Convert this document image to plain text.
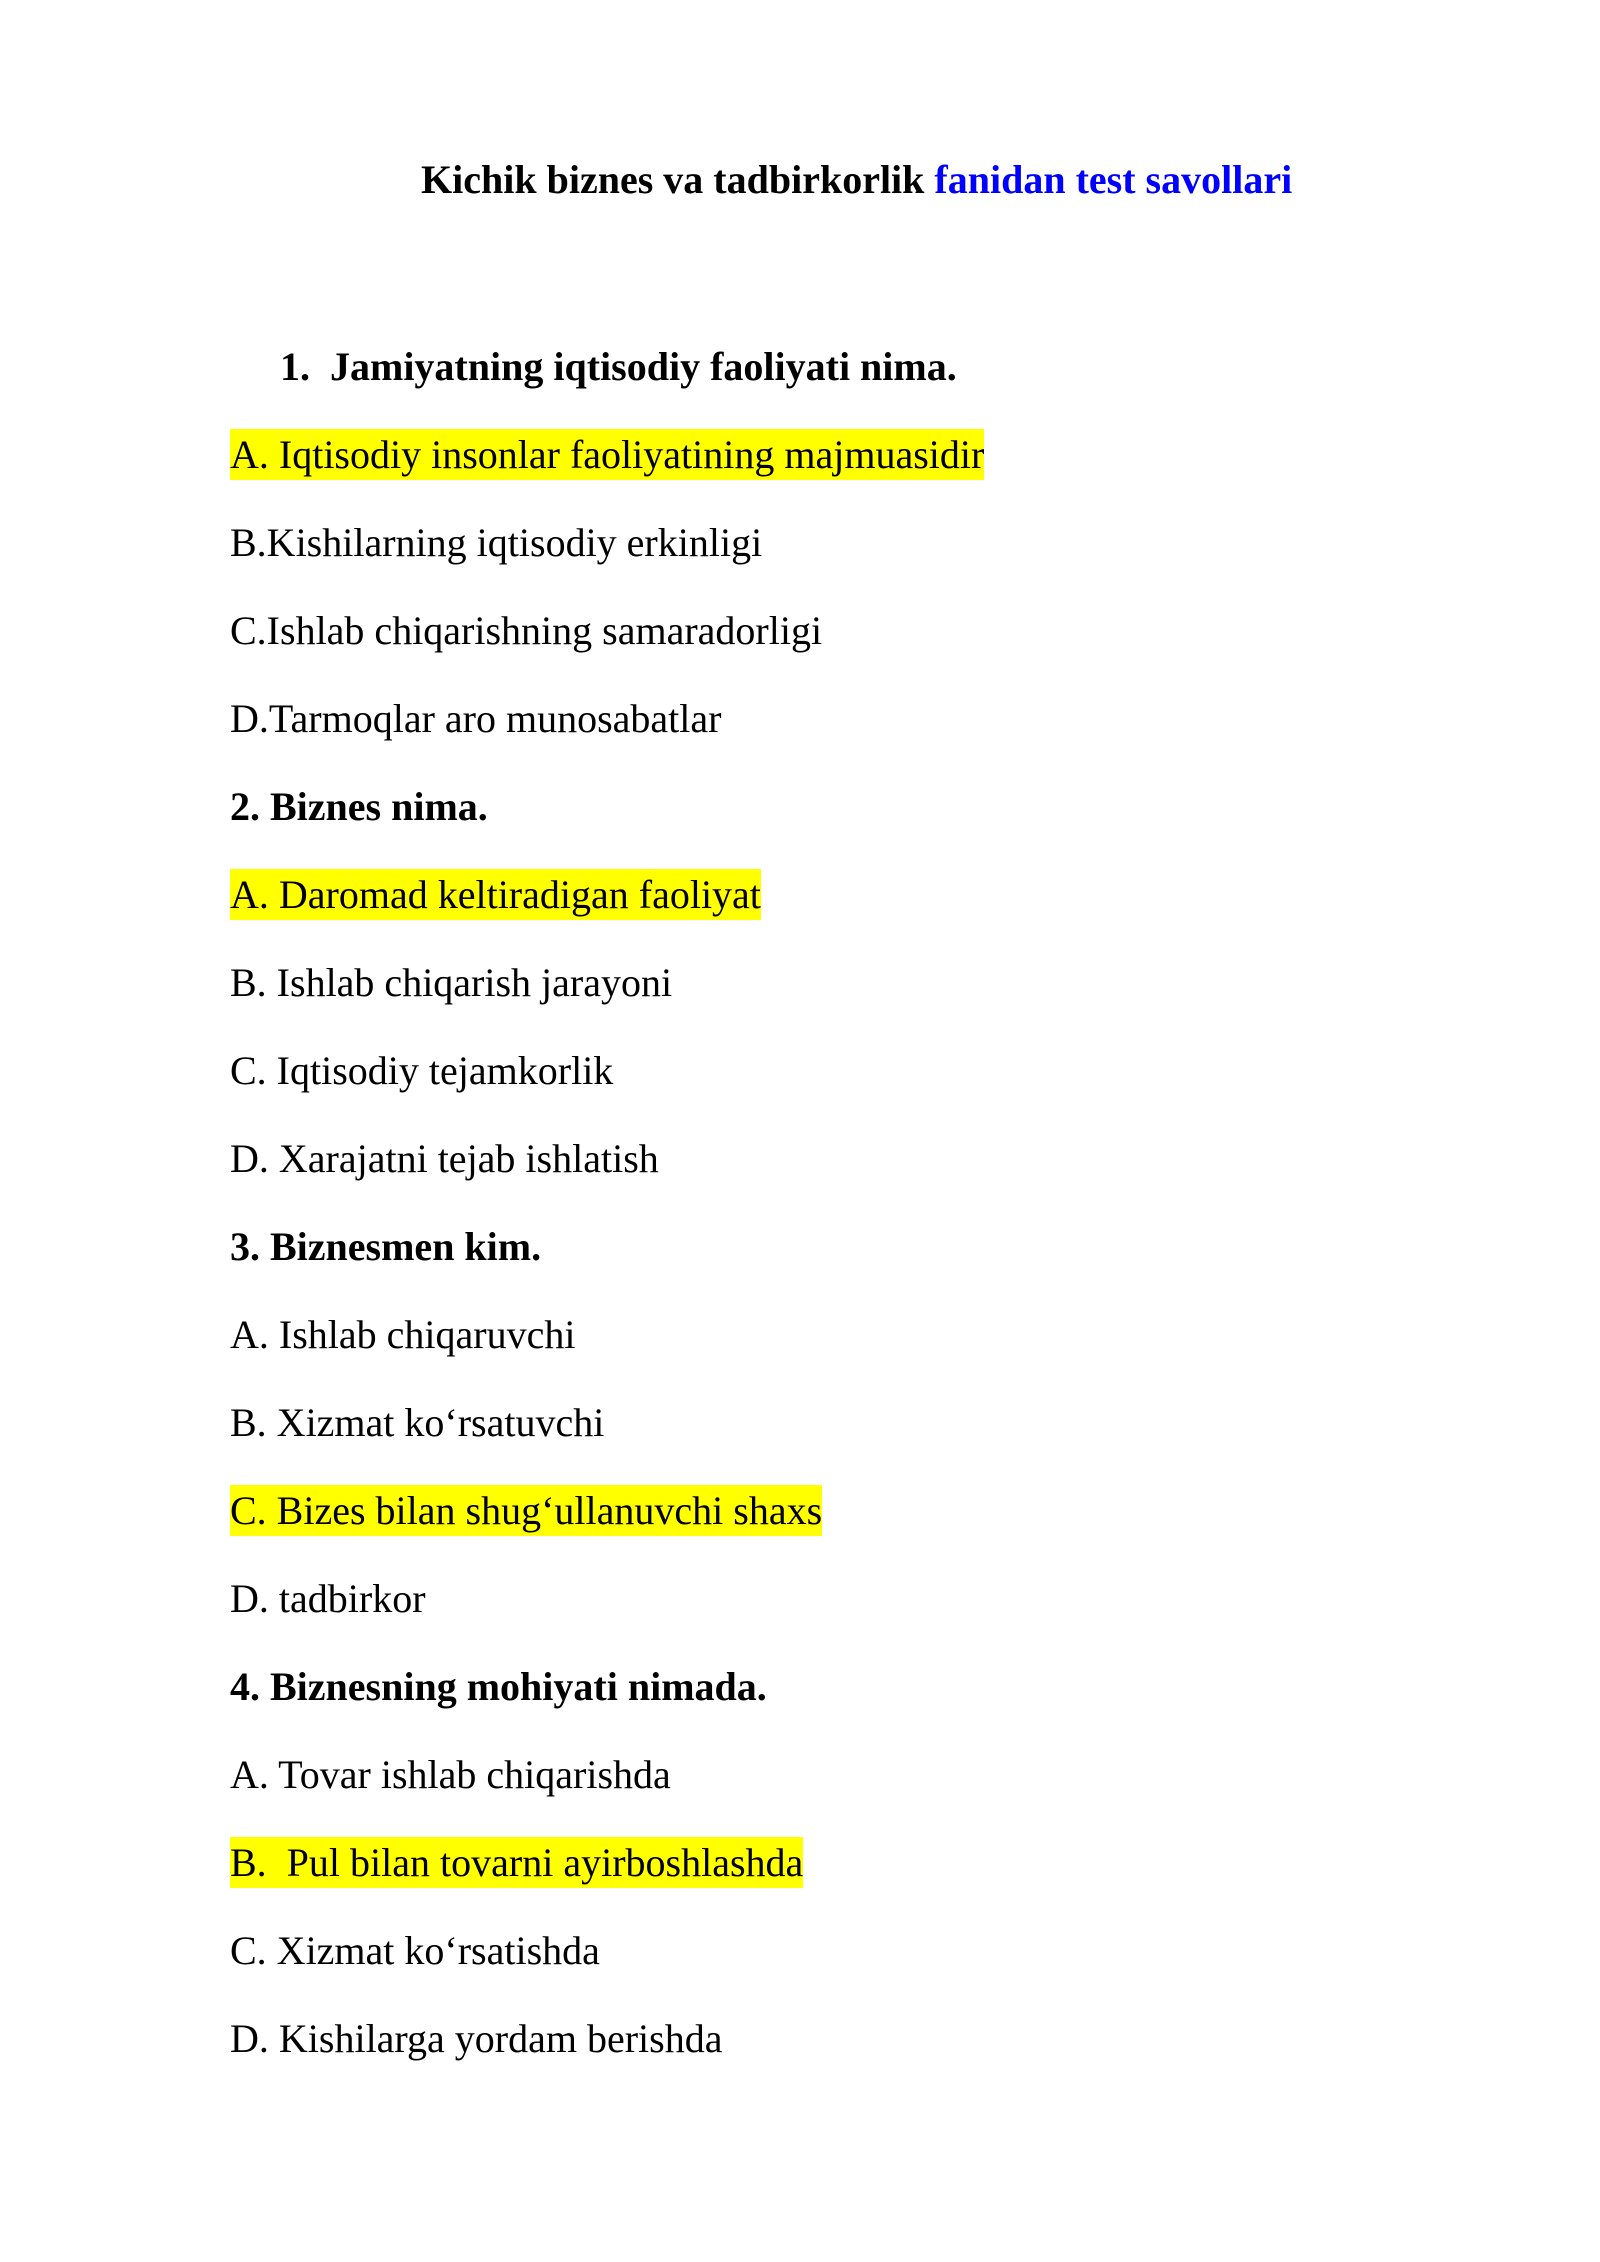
Kichik biznes va tadbirkorlik fanidan test savollari
1. Jamiyatning iqtisodiy faoliyati nima.
A. Iqtisodiy insonlar faoliyatining majmuasidir
B.Kishilarning iqtisodiy erkinligi
C.Ishlab chiqarishning samaradorligi
D.Tarmoqlar aro munosabatlar
2. Biznes nima.
A. Daromad keltiradigan faoliyat
B. Ishlab chiqarish jarayoni
C. Iqtisodiy tejamkorlik
D. Xarajatni tejab ishlatish
3. Biznesmen kim.
A. Ishlab chiqaruvchi
B. Xizmat ko‘rsatuvchi
C. Bizes bilan shug‘ullanuvchi shaxs
D. tadbirkor
4. Biznesning mohiyati nimada.
A. Tovar ishlab chiqarishda
B.  Pul bilan tovarni ayirboshlashda
C. Xizmat ko‘rsatishda
D. Kishilarga yordam berishda
